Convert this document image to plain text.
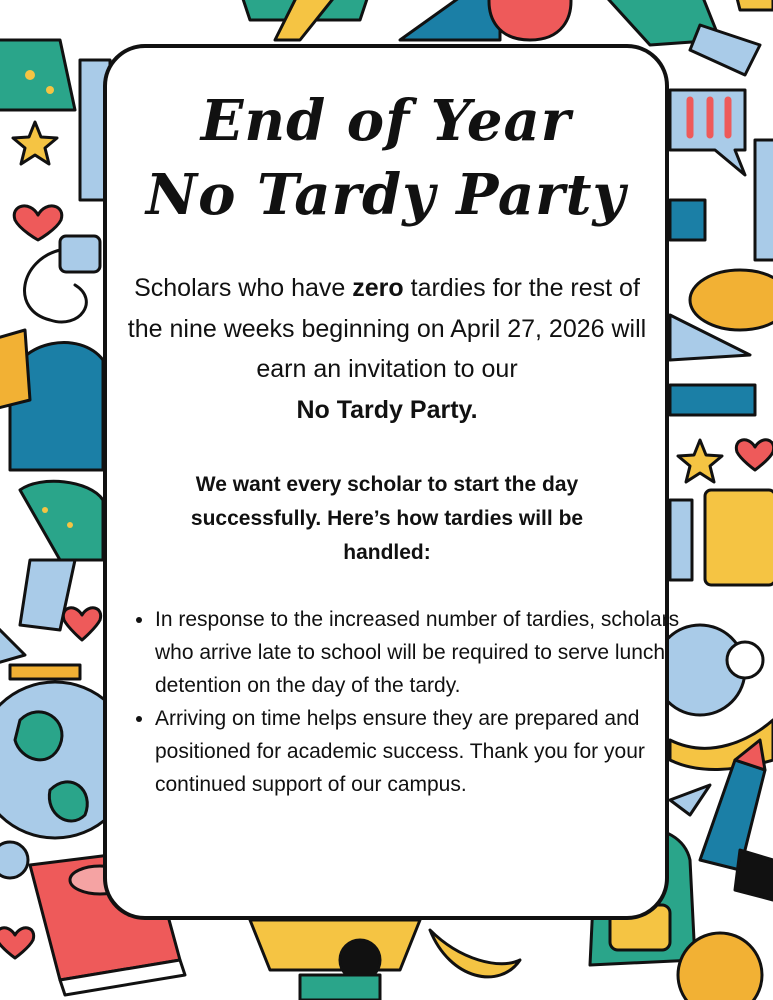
End of Year
No Tardy Party

Scholars who have zero tardies for the rest of the nine weeks beginning on April 27, 2026 will earn an invitation to our
No Tardy Party.

We want every scholar to start the day successfully. Here’s how tardies will be handled:

• In response to the increased number of tardies, scholars who arrive late to school will be required to serve lunch detention on the day of the tardy.
• Arriving on time helps ensure they are prepared and positioned for academic success. Thank you for your continued support of our campus.
